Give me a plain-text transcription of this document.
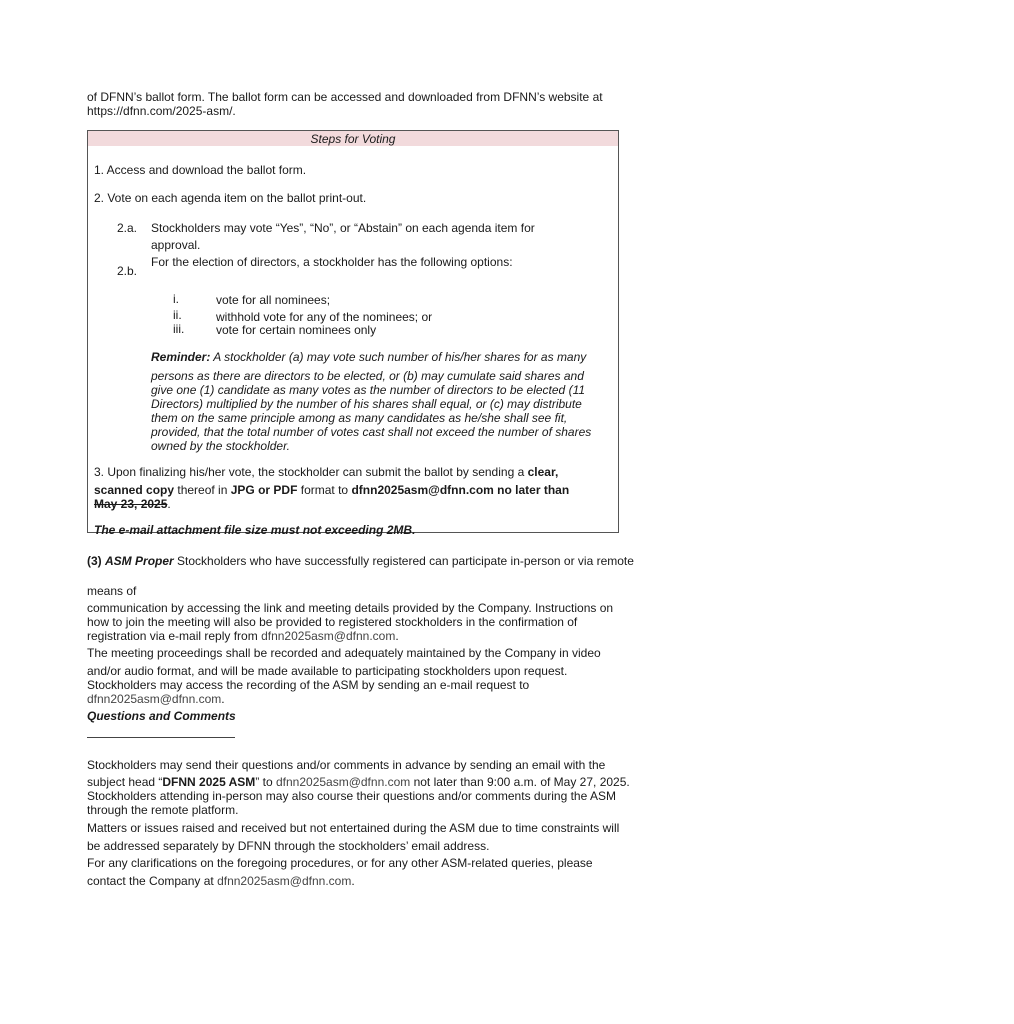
of DFNN’s ballot form. The ballot form can be accessed and downloaded from DFNN’s website at
https://dfnn.com/2025-asm/.
Steps for Voting
1. Access and download the ballot form.
2. Vote on each agenda item on the ballot print-out.
2.a. Stockholders may vote “Yes”, “No”, or “Abstain” on each agenda item for
approval.
2.b.
For the election of directors, a stockholder has the following options:
i.	vote for all nominees;
ii.	withhold vote for any of the nominees; or
iii.	vote for certain nominees only
Reminder: A stockholder (a) may vote such number of his/her shares for as many
persons as there are directors to be elected, or (b) may cumulate said shares and
give one (1) candidate as many votes as the number of directors to be elected (11
Directors) multiplied by the number of his shares shall equal, or (c) may distribute
them on the same principle among as many candidates as he/she shall see fit,
provided, that the total number of votes cast shall not exceed the number of shares
owned by the stockholder.
3. Upon finalizing his/her vote, the stockholder can submit the ballot by sending a clear,
scanned copy thereof in JPG or PDF format to dfnn2025asm@dfnn.com no later than
May 23, 2025.
The e-mail attachment file size must not exceeding 2MB.
(3) ASM Proper Stockholders who have successfully registered can participate in-person or via remote
means of
communication by accessing the link and meeting details provided by the Company. Instructions on
how to join the meeting will also be provided to registered stockholders in the confirmation of
registration via e-mail reply from dfnn2025asm@dfnn.com.
The meeting proceedings shall be recorded and adequately maintained by the Company in video
and/or audio format, and will be made available to participating stockholders upon request.
Stockholders may access the recording of the ASM by sending an e-mail request to
dfnn2025asm@dfnn.com.
Questions and Comments
Stockholders may send their questions and/or comments in advance by sending an email with the
subject head “DFNN 2025 ASM” to dfnn2025asm@dfnn.com not later than 9:00 a.m. of May 27, 2025.
Stockholders attending in-person may also course their questions and/or comments during the ASM
through the remote platform.
Matters or issues raised and received but not entertained during the ASM due to time constraints will
be addressed separately by DFNN through the stockholders’ email address.
For any clarifications on the foregoing procedures, or for any other ASM-related queries, please
contact the Company at dfnn2025asm@dfnn.com.
